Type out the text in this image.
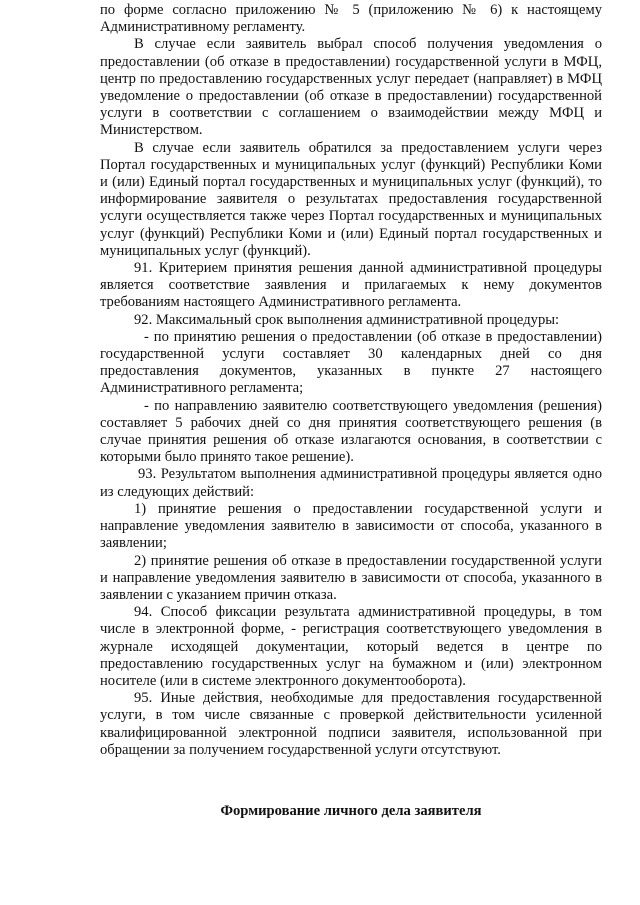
по форме согласно приложению № 5 (приложению № 6) к настоящему Административному регламенту.

В случае если заявитель выбрал способ получения уведомления о предоставлении (об отказе в предоставлении) государственной услуги в МФЦ, центр по предоставлению государственных услуг передает (направляет) в МФЦ уведомление о предоставлении (об отказе в предоставлении) государственной услуги в соответствии с соглашением о взаимодействии между МФЦ и Министерством.

В случае если заявитель обратился за предоставлением услуги через Портал государственных и муниципальных услуг (функций) Республики Коми и (или) Единый портал государственных и муниципальных услуг (функций), то информирование заявителя о результатах предоставления государственной услуги осуществляется также через Портал государственных и муниципальных услуг (функций) Республики Коми и (или) Единый портал государственных и муниципальных услуг (функций).

91. Критерием принятия решения данной административной процедуры является соответствие заявления и прилагаемых к нему документов требованиям настоящего Административного регламента.

92. Максимальный срок выполнения административной процедуры:

- по принятию решения о предоставлении (об отказе в предоставлении) государственной услуги составляет 30 календарных дней со дня предоставления документов, указанных в пункте 27 настоящего Административного регламента;

- по направлению заявителю соответствующего уведомления (решения) составляет 5 рабочих дней со дня принятия соответствующего решения (в случае принятия решения об отказе излагаются основания, в соответствии с которыми было принято такое решение).

93. Результатом выполнения административной процедуры является одно из следующих действий:

1) принятие решения о предоставлении государственной услуги и направление уведомления заявителю в зависимости от способа, указанного в заявлении;

2) принятие решения об отказе в предоставлении государственной услуги и направление уведомления заявителю в зависимости от способа, указанного в заявлении с указанием причин отказа.

94. Способ фиксации результата административной процедуры, в том числе в электронной форме, - регистрация соответствующего уведомления в журнале исходящей документации, который ведется в центре по предоставлению государственных услуг на бумажном и (или) электронном носителе (или в системе электронного документооборота).

95. Иные действия, необходимые для предоставления государственной услуги, в том числе связанные с проверкой действительности усиленной квалифицированной электронной подписи заявителя, использованной при обращении за получением государственной услуги отсутствуют.

Формирование личного дела заявителя
